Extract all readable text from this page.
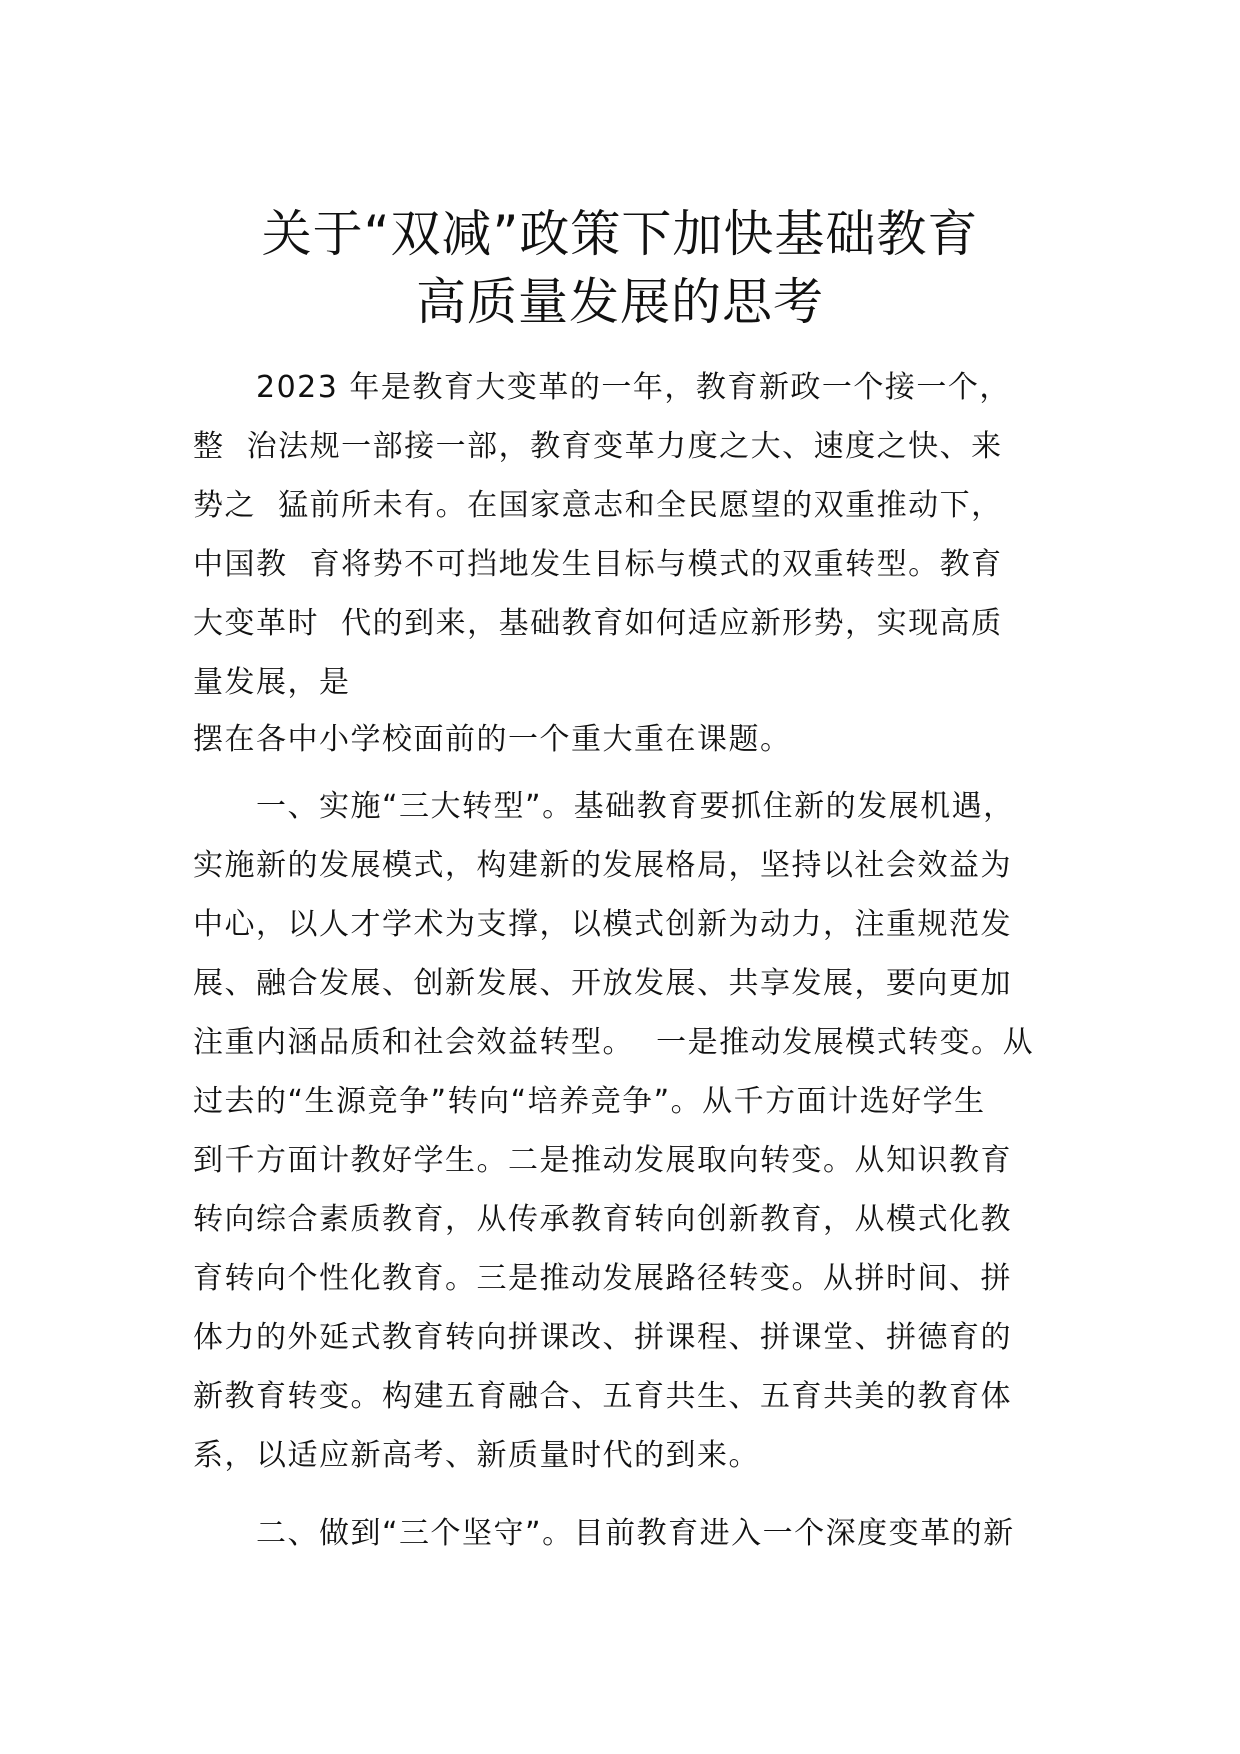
关于“双减”政策下加快基础教育
高质量发展的思考

　　2023 年是教育大变革的一年，教育新政一个接一个，

整  治法规一部接一部，教育变革力度之大、速度之快、来

势之  猛前所未有。在国家意志和全民愿望的双重推动下，

中国教  育将势不可挡地发生目标与模式的双重转型。教育

大变革时  代的到来，基础教育如何适应新形势，实现高质

量发展，是

摆在各中小学校面前的一个重大重在课题。

　　一、实施“三大转型”。基础教育要抓住新的发展机遇，

实施新的发展模式，构建新的发展格局，坚持以社会效益为

中心，以人才学术为支撑，以模式创新为动力，注重规范发

展、融合发展、创新发展、开放发展、共享发展，要向更加

注重内涵品质和社会效益转型。  一是推动发展模式转变。从

过去的“生源竞争”转向“培养竞争”。从千方面计选好学生

到千方面计教好学生。二是推动发展取向转变。从知识教育

转向综合素质教育，从传承教育转向创新教育，从模式化教

育转向个性化教育。三是推动发展路径转变。从拼时间、拼

体力的外延式教育转向拼课改、拼课程、拼课堂、拼德育的

新教育转变。构建五育融合、五育共生、五育共美的教育体

系，以适应新高考、新质量时代的到来。

　　二、做到“三个坚守”。目前教育进入一个深度变革的新
